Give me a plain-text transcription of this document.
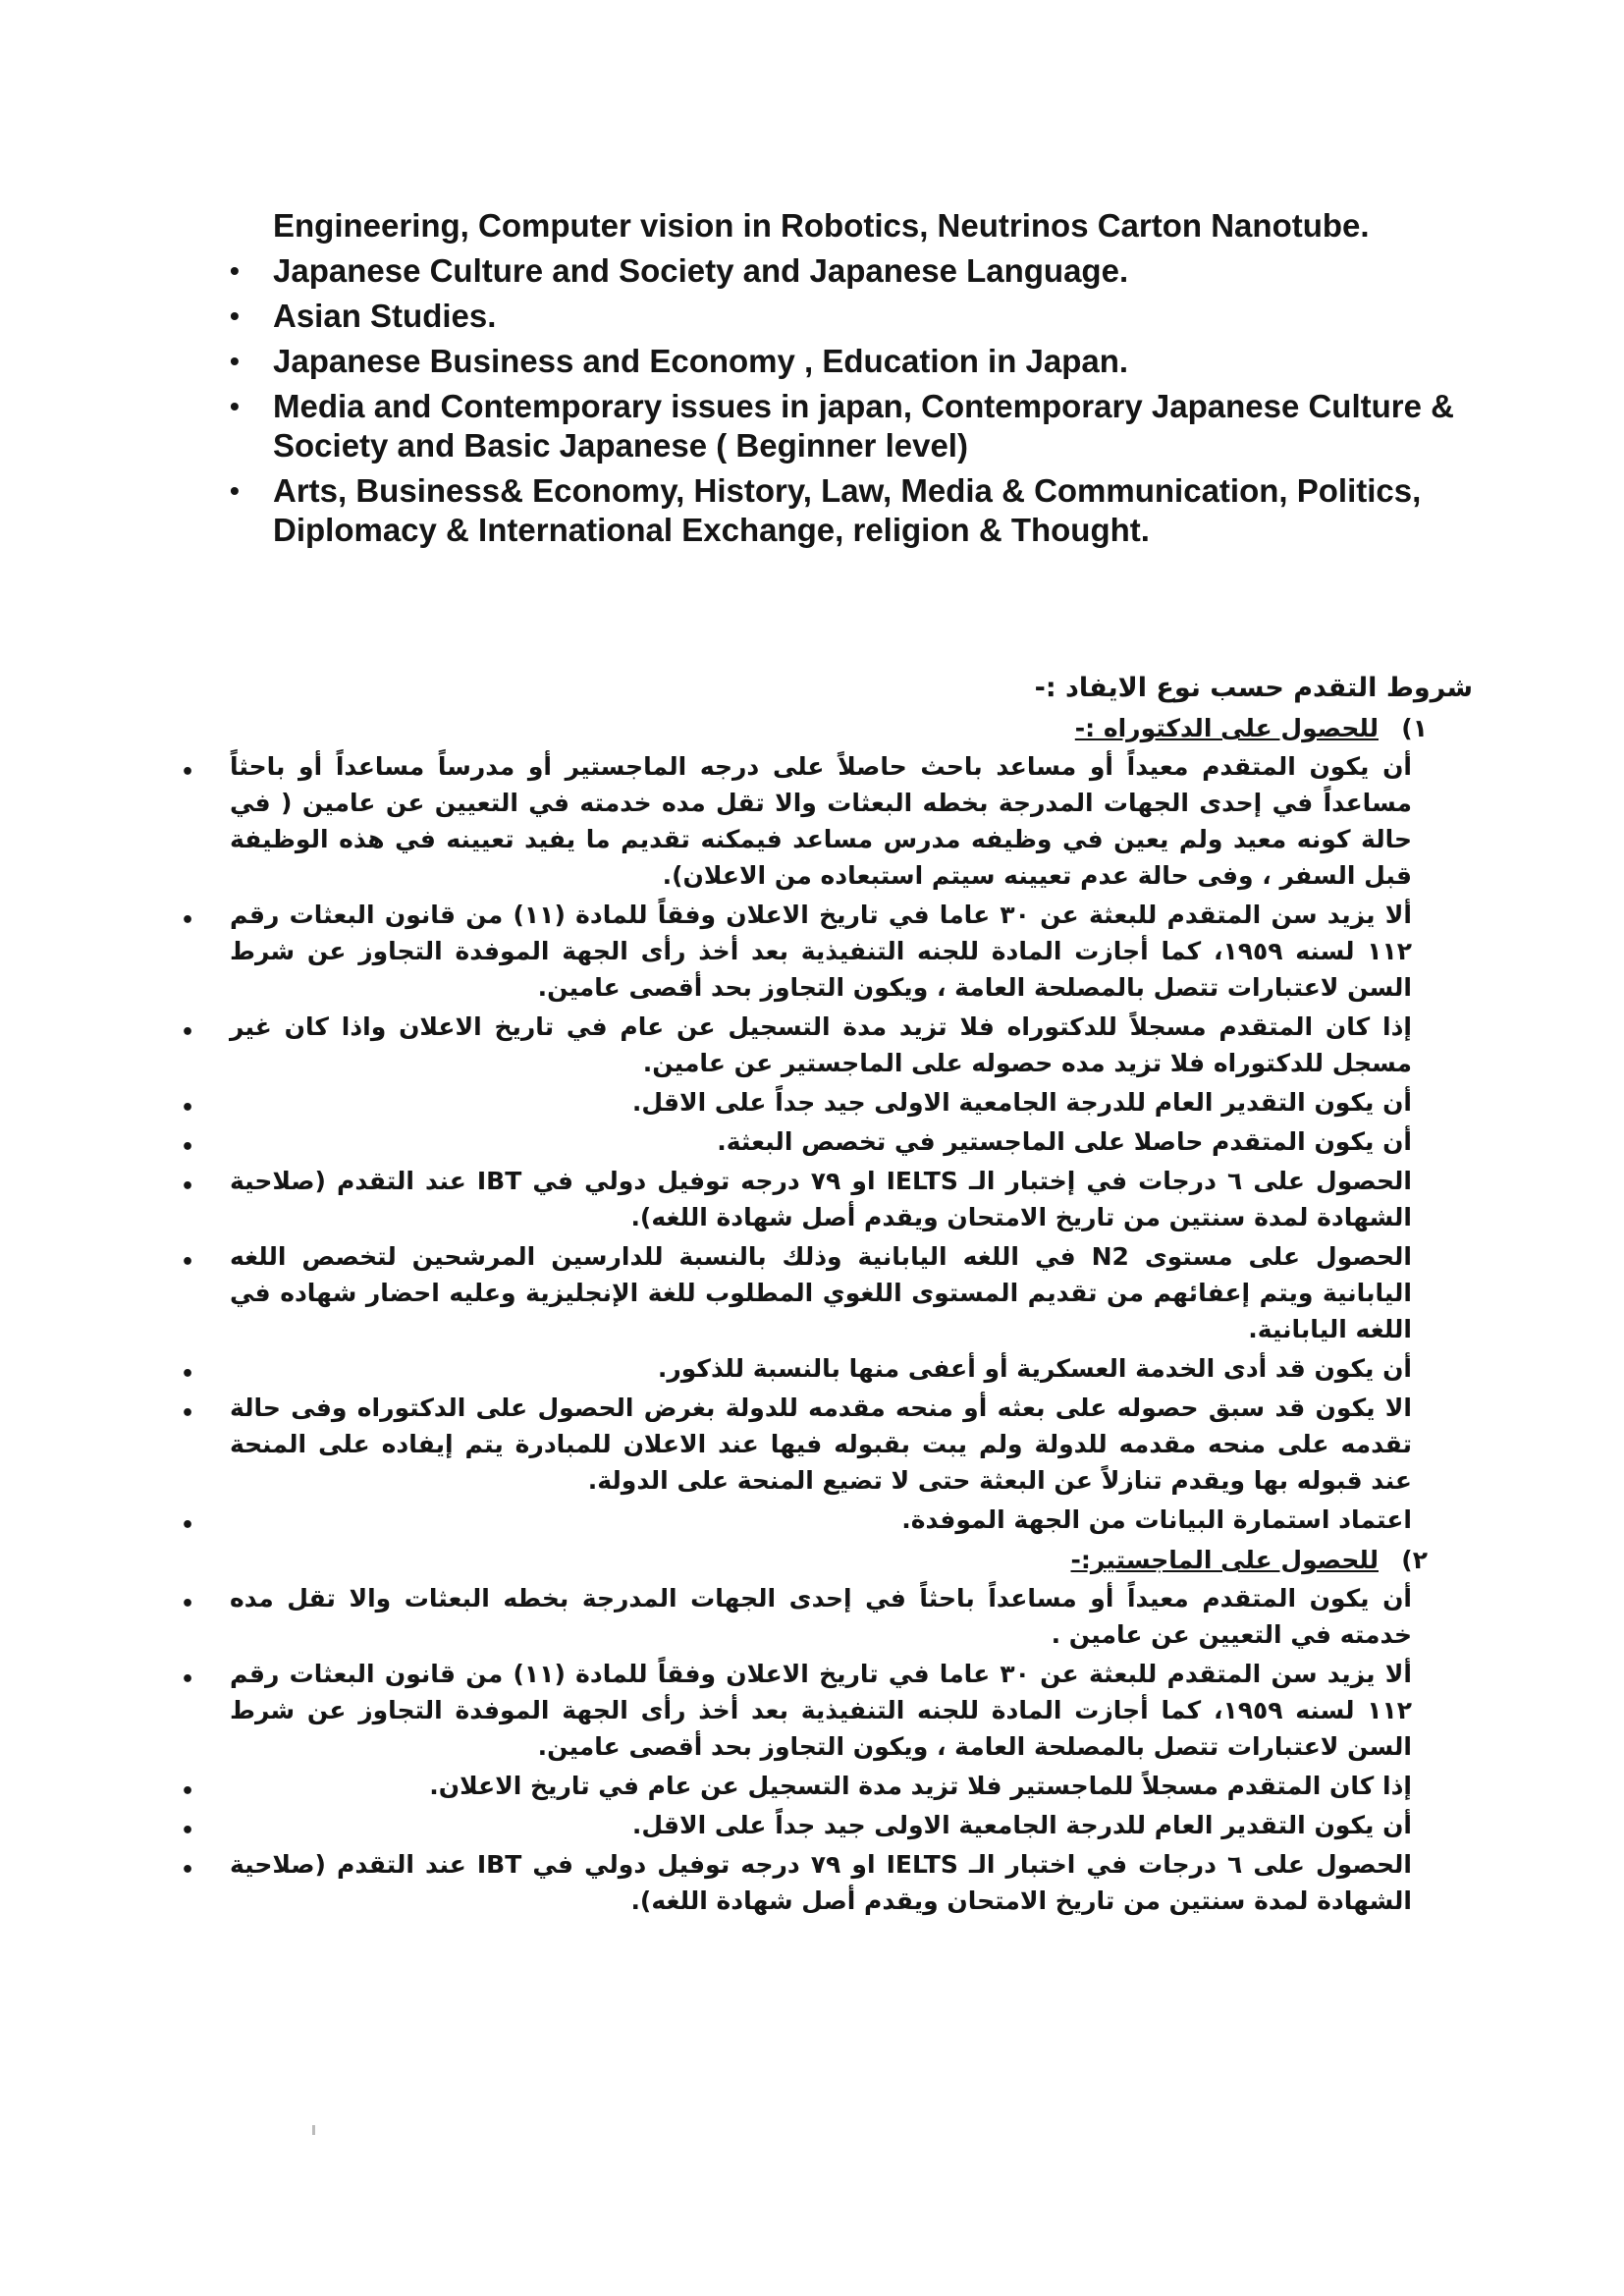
Engineering, Computer vision in Robotics, Neutrinos Carton Nanotube.
• Japanese Culture and Society and Japanese Language.
• Asian Studies.
• Japanese Business and Economy , Education in Japan.
• Media and Contemporary issues in japan, Contemporary Japanese Culture & Society and Basic Japanese ( Beginner level)
• Arts, Business& Economy, History, Law, Media & Communication, Politics, Diplomacy & International Exchange, religion & Thought.
شروط التقدم حسب نوع الايفاد :-
١)
للحصول على الدكتوراه :-
• أن يكون المتقدم معيداً أو مساعد باحث حاصلاً على درجه الماجستير أو مدرساً مساعداً أو باحثاً مساعداً في إحدى الجهات المدرجة بخطه البعثات والا تقل مده خدمته في التعيين عن عامين ( في حالة كونه معيد ولم يعين في وظيفه مدرس مساعد فيمكنه تقديم ما يفيد تعيينه في هذه الوظيفة قبل السفر ، وفى حالة عدم تعيينه سيتم استبعاده من الاعلان).
• ألا يزيد سن المتقدم للبعثة عن ٣٠ عاما في تاريخ الاعلان وفقاً للمادة (١١) من قانون البعثات رقم ١١٢ لسنه ١٩٥٩، كما أجازت المادة للجنه التنفيذية بعد أخذ رأى الجهة الموفدة التجاوز عن شرط السن لاعتبارات تتصل بالمصلحة العامة ، ويكون التجاوز بحد أقصى عامين.
• إذا كان المتقدم مسجلاً للدكتوراه فلا تزيد مدة التسجيل عن عام في تاريخ الاعلان واذا كان غير مسجل للدكتوراه فلا تزيد مده حصوله على الماجستير عن عامين.
•	أن يكون التقدير العام للدرجة الجامعية الاولى جيد جداً على الاقل.
•	أن يكون المتقدم حاصلا على الماجستير في تخصص البعثة.
• الحصول على ٦ درجات في إختبار الـ IELTS او ٧٩ درجه توفيل دولي في IBT عند التقدم (صلاحية الشهادة لمدة سنتين من تاريخ الامتحان ويقدم أصل شهادة اللغه).
• الحصول على مستوى N2 في اللغه اليابانية وذلك بالنسبة للدارسين المرشحين لتخصص اللغه اليابانية ويتم إعفائهم من تقديم المستوى اللغوي المطلوب للغة الإنجليزية وعليه احضار شهاده في اللغه اليابانية.
•	أن يكون قد أدى الخدمة العسكرية أو أعفى منها بالنسبة للذكور.
• الا يكون قد سبق حصوله على بعثه أو منحه مقدمه للدولة بغرض الحصول على الدكتوراه وفى حالة تقدمه على منحه مقدمه للدولة ولم يبت بقبوله فيها عند الاعلان للمبادرة يتم إيفاده على المنحة عند قبوله بها ويقدم تنازلاً عن البعثة حتى لا تضيع المنحة على الدولة.
•	اعتماد استمارة البيانات من الجهة الموفدة.
٢)
للحصول على الماجستير:-
• أن يكون المتقدم معيداً أو مساعداً باحثاً في إحدى الجهات المدرجة بخطه البعثات والا تقل مده خدمته في التعيين عن عامين .
• ألا يزيد سن المتقدم للبعثة عن ٣٠ عاما في تاريخ الاعلان وفقاً للمادة (١١) من قانون البعثات رقم ١١٢ لسنه ١٩٥٩، كما أجازت المادة للجنه التنفيذية بعد أخذ رأى الجهة الموفدة التجاوز عن شرط السن لاعتبارات تتصل بالمصلحة العامة ، ويكون التجاوز بحد أقصى عامين.
•	إذا كان المتقدم مسجلاً للماجستير فلا تزيد مدة التسجيل عن عام في تاريخ الاعلان.
•	أن يكون التقدير العام للدرجة الجامعية الاولى جيد جداً على الاقل.
• الحصول على ٦ درجات في اختبار الـ IELTS او ٧٩ درجه توفيل دولي في IBT عند التقدم (صلاحية الشهادة لمدة سنتين من تاريخ الامتحان ويقدم أصل شهادة اللغه).
